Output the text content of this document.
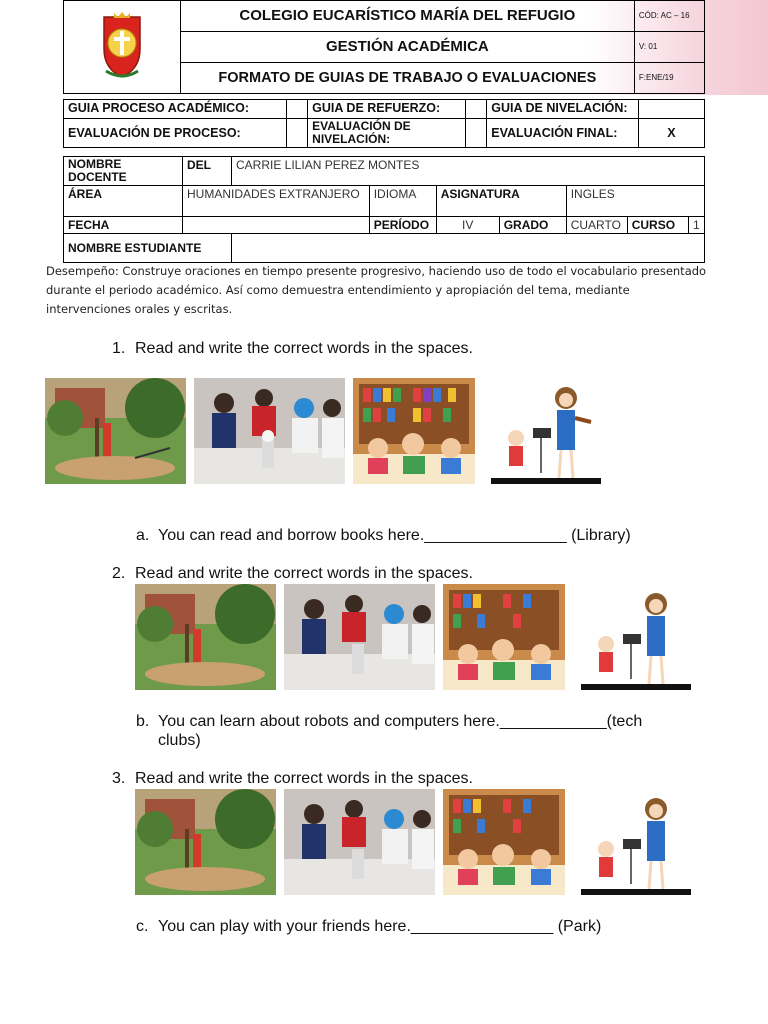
	COLEGIO EUCARÍSTICO MARÍA DEL REFUGIO	CÓD: AC – 16
	GESTIÓN ACADÉMICA	V: 01
	FORMATO DE GUIAS DE TRABAJO O EVALUACIONES	F:ENE/19
GUIA PROCESO ACADÉMICO:		GUIA DE REFUERZO:		GUIA DE NIVELACIÓN:	
EVALUACIÓN DE PROCESO:		EVALUACIÓN DE NIVELACIÓN:		EVALUACIÓN FINAL:	X
NOMBRE DOCENTE	DEL	CARRIE LILIAN PEREZ MONTES						
ÁREA	HUMANIDADES EXTRANJERO		IDIOMA	ASIGNATURA		INGLES		
FECHA			PERÍODO	IV	GRADO	CUARTO	CURSO	1
NOMBRE ESTUDIANTE								
Desempeño: Construye oraciones en tiempo presente progresivo, haciendo uso de todo el vocabulario presentado durante el periodo académico. Así como demuestra entendimiento y apropiación del tema, mediante intervenciones orales y escritas.
1. Read and write the correct words in the spaces.
a. You can read and borrow books here.________________ (Library)
2. Read and write the correct words in the spaces.
b. You can learn about robots and computers here.____________(tech
clubs)
3. Read and write the correct words in the spaces.
c. You can play with your friends here.________________ (Park)
